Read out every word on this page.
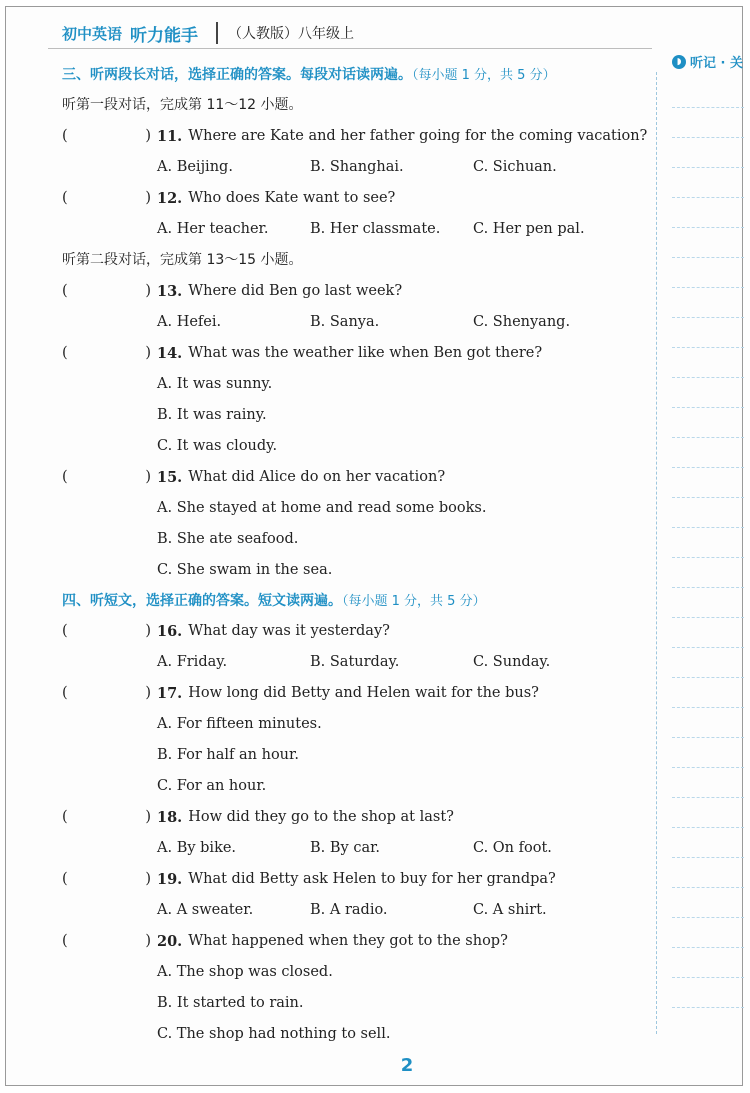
初中英语 听力能手 （人教版）八年级上
◗ 听记 · 关
三、听两段长对话，选择正确的答案。每段对话读两遍。（每小题 1 分，共 5 分）
听第一段对话，完成第 11～12 小题。
(	) 11. Where are Kate and her father going for the coming vacation?
A. Beijing.	B. Shanghai.	C. Sichuan.
(	) 12. Who does Kate want to see?
A. Her teacher.	B. Her classmate.	C. Her pen pal.
听第二段对话，完成第 13～15 小题。
(	) 13. Where did Ben go last week?
A. Hefei.	B. Sanya.	C. Shenyang.
(	) 14. What was the weather like when Ben got there?
A. It was sunny.
B. It was rainy.
C. It was cloudy.
(	) 15. What did Alice do on her vacation?
A. She stayed at home and read some books.
B. She ate seafood.
C. She swam in the sea.
四、听短文，选择正确的答案。短文读两遍。（每小题 1 分，共 5 分）
(	) 16. What day was it yesterday?
A. Friday.	B. Saturday.	C. Sunday.
(	) 17. How long did Betty and Helen wait for the bus?
A. For fifteen minutes.
B. For half an hour.
C. For an hour.
(	) 18. How did they go to the shop at last?
A. By bike.	B. By car.	C. On foot.
(	) 19. What did Betty ask Helen to buy for her grandpa?
A. A sweater.	B. A radio.	C. A shirt.
(	) 20. What happened when they got to the shop?
A. The shop was closed.
B. It started to rain.
C. The shop had nothing to sell.
2
